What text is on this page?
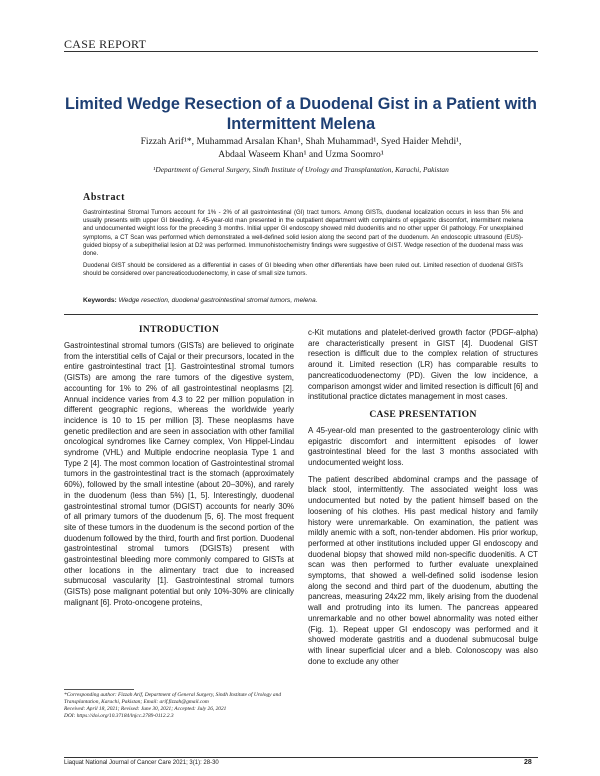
CASE REPORT
Limited Wedge Resection of a Duodenal Gist in a Patient with Intermittent Melena
Fizzah Arif¹*, Muhammad Arsalan Khan¹, Shah Muhammad¹, Syed Haider Mehdi¹,
Abdaal Waseem Khan¹ and Uzma Soomro¹
¹Department of General Surgery, Sindh Institute of Urology and Transplantation, Karachi, Pakistan
Abstract

Gastrointestinal Stromal Tumors account for 1% - 2% of all gastrointestinal (GI) tract tumors. Among GISTs, duodenal localization occurs in less than 5% and usually presents with upper GI bleeding. A 45-year-old man presented in the outpatient department with complaints of epigastric discomfort, intermittent melena and undocumented weight loss for the preceding 3 months. Initial upper GI endoscopy showed mild duodenitis and no other upper GI pathology. For unexplained symptoms, a CT Scan was performed which demonstrated a well-defined solid lesion along the second part of the duodenum. An endoscopic ultrasound (EUS)-guided biopsy of a subepithelial lesion at D2 was performed. Immunohistochemistry findings were suggestive of GIST. Wedge resection of the duodenal mass was done.

Duodenal GIST should be considered as a differential in cases of GI bleeding when other differentials have been ruled out. Limited resection of duodenal GISTs should be considered over pancreaticoduodenectomy, in case of small size tumors.

Keywords: Wedge resection, duodenal gastrointestinal stromal tumors, melena.
INTRODUCTION

Gastrointestinal stromal tumors (GISTs) are believed to originate from the interstitial cells of Cajal or their precursors, located in the entire gastrointestinal tract [1]. Gastrointestinal stromal tumors (GISTs) are among the rare tumors of the digestive system, accounting for 1% to 2% of all gastrointestinal neoplasms [2]. Annual incidence varies from 4.3 to 22 per million population in different geographic regions, whereas the worldwide yearly incidence is 10 to 15 per million [3]. These neoplasms have genetic predilection and are seen in association with other familial oncological syndromes like Carney complex, Von Hippel-Lindau syndrome (VHL) and Multiple endocrine neoplasia Type 1 and Type 2 [4]. The most common location of Gastrointestinal stromal tumors in the gastrointestinal tract is the stomach (approximately 60%), followed by the small intestine (about 20–30%), and rarely in the duodenum (less than 5%) [1, 5]. Interestingly, duodenal gastrointestinal stromal tumor (DGIST) accounts for nearly 30% of all primary tumors of the duodenum [5, 6]. The most frequent site of these tumors in the duodenum is the second portion of the duodenum followed by the third, fourth and first portion. Duodenal gastrointestinal stromal tumors (DGISTs) present with gastrointestinal bleeding more commonly compared to GISTs at other locations in the alimentary tract due to increased submucosal vascularity [1]. Gastrointestinal stromal tumors (GISTs) pose malignant potential but only 10%-30% are clinically malignant [6]. Proto-oncogene proteins,

c-Kit mutations and platelet-derived growth factor (PDGF-alpha) are characteristically present in GIST [4]. Duodenal GIST resection is difficult due to the complex relation of structures around it. Limited resection (LR) has comparable results to pancreaticoduodenectomy (PD). Given the low incidence, a comparison amongst wider and limited resection is difficult [6] and institutional practice dictates management in most cases.

CASE PRESENTATION

A 45-year-old man presented to the gastroenterology clinic with epigastric discomfort and intermittent episodes of lower gastrointestinal bleed for the last 3 months associated with undocumented weight loss.

The patient described abdominal cramps and the passage of black stool, intermittently. The associated weight loss was undocumented but noted by the patient himself based on the loosening of his clothes. His past medical history and family history were unremarkable. On examination, the patient was mildly anemic with a soft, non-tender abdomen. His prior workup, performed at other institutions included upper GI endoscopy and duodenal biopsy that showed mild non-specific duodenitis. A CT scan was then performed to further evaluate unexplained symptoms, that showed a well-defined solid isodense lesion along the second and third part of the duodenum, abutting the pancreas, measuring 24x22 mm, likely arising from the duodenal wall and protruding into its lumen. The pancreas appeared unremarkable and no other bowel abnormality was noted either (Fig. 1). Repeat upper GI endoscopy was performed and it showed moderate gastritis and a duodenal submucosal bulge with linear superficial ulcer and a bleb. Colonoscopy was also done to exclude any other

*Corresponding author: Fizzah Arif, Department of General Surgery, Sindh Institute of Urology and Transplantation, Karachi, Pakistan; Email: arif.fizzah@gmail.com

Received: April 18, 2021; Revised: June 30, 2021; Accepted: July 26, 2021

DOI: https://doi.org/10.37184/lnjcc.2789-0112.2.3

Liaquat National Journal of Cancer Care 2021; 3(1): 28-30	28
